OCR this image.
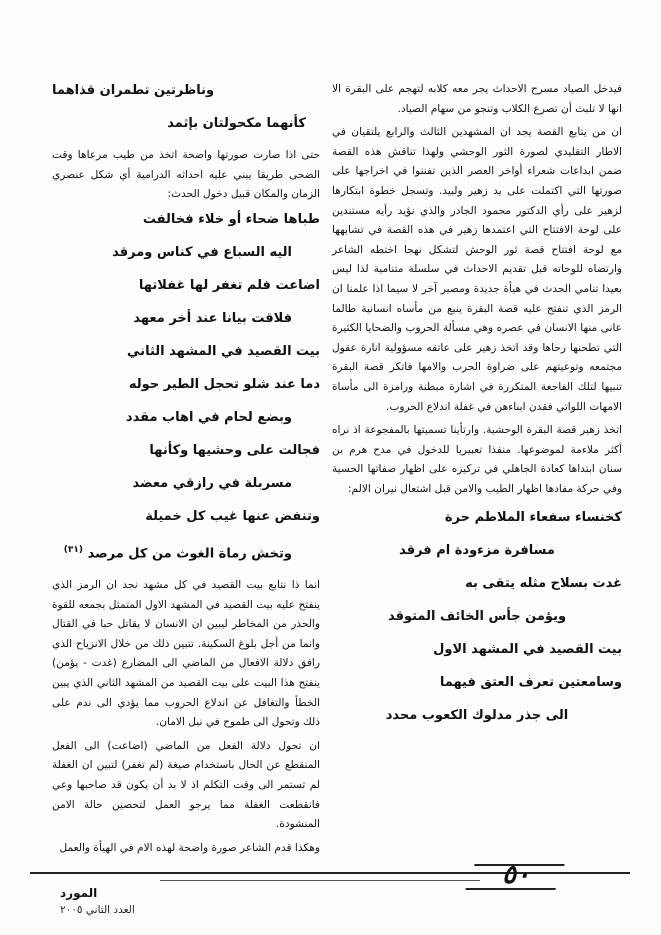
فيدخل الصياد مسرح الاحداث يجر معه كلابه لتهجم على البقرة الا انها لا تلبث أن تصرع الكلاب وتنجو من سهام الصياد.

ان من يتابع القصة يجد ان المشهدين الثالث والرابع يلتقيان في الاطار التقليدي لصورة الثور الوحشي ولهذا تناقش هذه القصة ضمن ابداعات شعراء أواخر العصر الذين تفننوا في اخراجها على صورتها التي اكتملت على يد زهير ولبيد. وتسجل خطوة ابتكارها لزهير على رأي الدكتور محمود الجادر والذي نؤيد رأيه مستندين على لوحة الافتتاح التي اعتمدها زهير في هذه القصة في تشابهها مع لوحة افتتاح قصة ثور الوحش لتشكل نهجا اختطه الشاعر وارتضاه للوحاته قبل تقديم الاحداث في سلسلة متنامية لذا ليس بعيدا تنامي الحدث في هيأة جديدة ومصير آخر لا سيما اذا علمنا ان الرمز الذي تنفتح عليه قصة البقرة ينبع من مأساه انسانية طالما عانى منها الانسان في عصره وهي مسألة الحروب والضحايا الكثيرة التي تطحنها رحاها وقد اتخذ زهير على عاتقه مسؤولية انارة عقول مجتمعه وتوعيتهم على ضراوة الحرب والامها فاتكر قصة البقرة تنبيها لتلك الفاجعة المتكررة في اشارة مبطنة ورامزة الى مأساة الامهات اللواتي فقدن ابناءهن في غفلة اندلاع الحروب.

اتخذ زهير قصة البقرة الوحشية. وارتأينا تسميتها بالمفجوعة اذ نراه أكثر ملاءمة لموضوعها. منفذا تعبيريا للدخول في مدح هرم بن سنان ابتداها كعادة الجاهلي في تركيزه على اظهار صفاتها الحسية وفي حركة مفادها اظهار الطيب والامن قبل اشتعال نيران الالم:

كخنساء سفعاء الملاطم حرة
مسافرة مزءودة ام فرقد
غدت بسلاح مثله يتقى به
ويؤمن جأس الخائف المتوقد
بيت القصيد في المشهد الاول
وسامعتين تعرف العتق فيهما
الى جذر مدلوك الكعوب محدد
وناظرتين تطمران قذاهما
كأنهما مكحولتان بإثمد

حتى اذا صارت صورتها واضحة اتخذ من طيب مرعاها وقت الضحى طريقا يبني عليه احداثه الدرامية أي شكل عنصري الزمان والمكان قبيل دخول الحدث:

طباها ضحاء أو خلاء فخالفت
اليه السباع في كناس ومرقد
اضاعت فلم تغفر لها غفلاتها
فلاقت بيانا عند أخر معهد
بيت القصيد في المشهد الثاني
دما عند شلو تحجل الطير حوله
وبضع لحام في اهاب مقدد
فجالت على وحشيها وكأنها
مسربلة في رازقي معضد
وتنفض عنها غيب كل خميلة
وتخش رماة الغوث من كل مرصد $^{(٣١)}$

انما ذا نتابع بيت القصيد في كل مشهد نجد ان الرمز الذي ينفتح عليه بيت القصيد في المشهد الاول المتمثل بجمعه للقوة والحذر من المخاطر ليبين ان الانسان لا يقاتل حبا في القتال وانما من أجل بلوغ السكينة. تتبين ذلك من خلال الانزياح الذي رافق دلالة الافعال من الماضي الى المضارع (غدت - يؤمن) ينفتح هذا البيت على بيت القصيد من المشهد الثاني الذي يبين الخطأ والتغافل عن اندلاع الحروب مما يؤدي الى ندم على ذلك وتحول الى طموح في نيل الامان.

ان تحول دلالة الفعل من الماضي (اضاعت) الى الفعل المنقطع عن الحال باستخدام صيغة (لم تغفر) لتبين ان الغفلة لم تستمر الى وقت التكلم اذ لا بد أن يكون قد صاحبها وعي فانقطعت الغفلة مما يرجو العمل لتحصين حالة الامن المنشودة.

وهكذا قدم الشاعر صورة واضحة لهذه الام في الهيأة والعمل

٥٠
المورد
العدد الثاني ٢٠٠٥
